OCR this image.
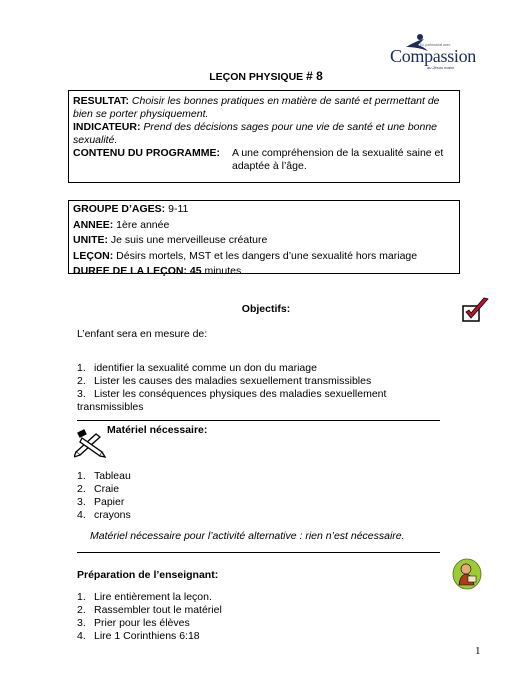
En partenariat avec
Compassion
au Jésus maior
LEÇON PHYSIQUE # 8
RESULTAT: Choisir les bonnes pratiques en matière de santé et permettant de bien se porter physiquement.
INDICATEUR: Prend des décisions sages pour une vie de santé et une bonne sexualité.
CONTENU DU PROGRAMME:	A une compréhension de la sexualité saine et adaptée à l’âge.
GROUPE D’AGES: 9-11
ANNEE: 1ère année
UNITE: Je suis une merveilleuse créature
LEÇON: Désirs mortels, MST et les dangers d’une sexualité hors mariage
DUREE DE LA LEÇON: 45 minutes
Objectifs:
L’enfant sera en mesure de:
1. identifier la sexualité comme un don du mariage
2. Lister les causes des maladies sexuellement transmissibles
3. Lister les conséquences physiques des maladies sexuellement transmissibles
Matériel nécessaire:
1. Tableau
2. Craie
3. Papier
4. crayons
Matériel nécessaire pour l’activité alternative : rien n’est nécessaire.
Préparation de l’enseignant:
1. Lire entièrement la leçon.
2. Rassembler tout le matériel
3. Prier pour les élèves
4. Lire 1 Corinthiens 6:18
1
